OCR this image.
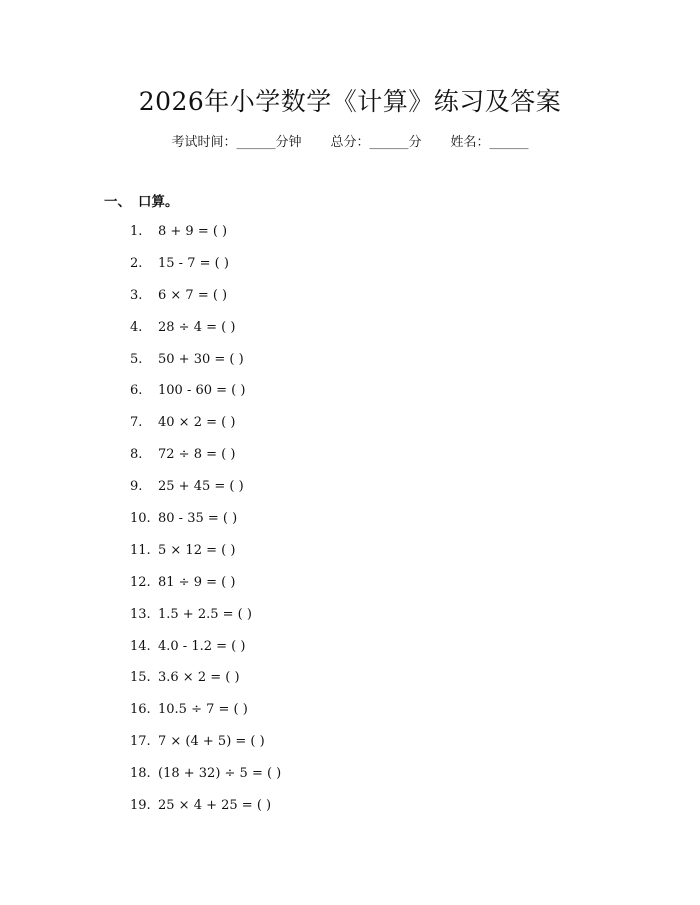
2026年小学数学《计算》练习及答案
考试时间：______分钟 总分：______分 姓名：______
一、 口算。
1. 8 + 9 = ( )
2. 15 - 7 = ( )
3. 6 × 7 = ( )
4. 28 ÷ 4 = ( )
5. 50 + 30 = ( )
6. 100 - 60 = ( )
7. 40 × 2 = ( )
8. 72 ÷ 8 = ( )
9. 25 + 45 = ( )
10. 80 - 35 = ( )
11. 5 × 12 = ( )
12. 81 ÷ 9 = ( )
13. 1.5 + 2.5 = ( )
14. 4.0 - 1.2 = ( )
15. 3.6 × 2 = ( )
16. 10.5 ÷ 7 = ( )
17. 7 × (4 + 5) = ( )
18. (18 + 32) ÷ 5 = ( )
19. 25 × 4 + 25 = ( )
